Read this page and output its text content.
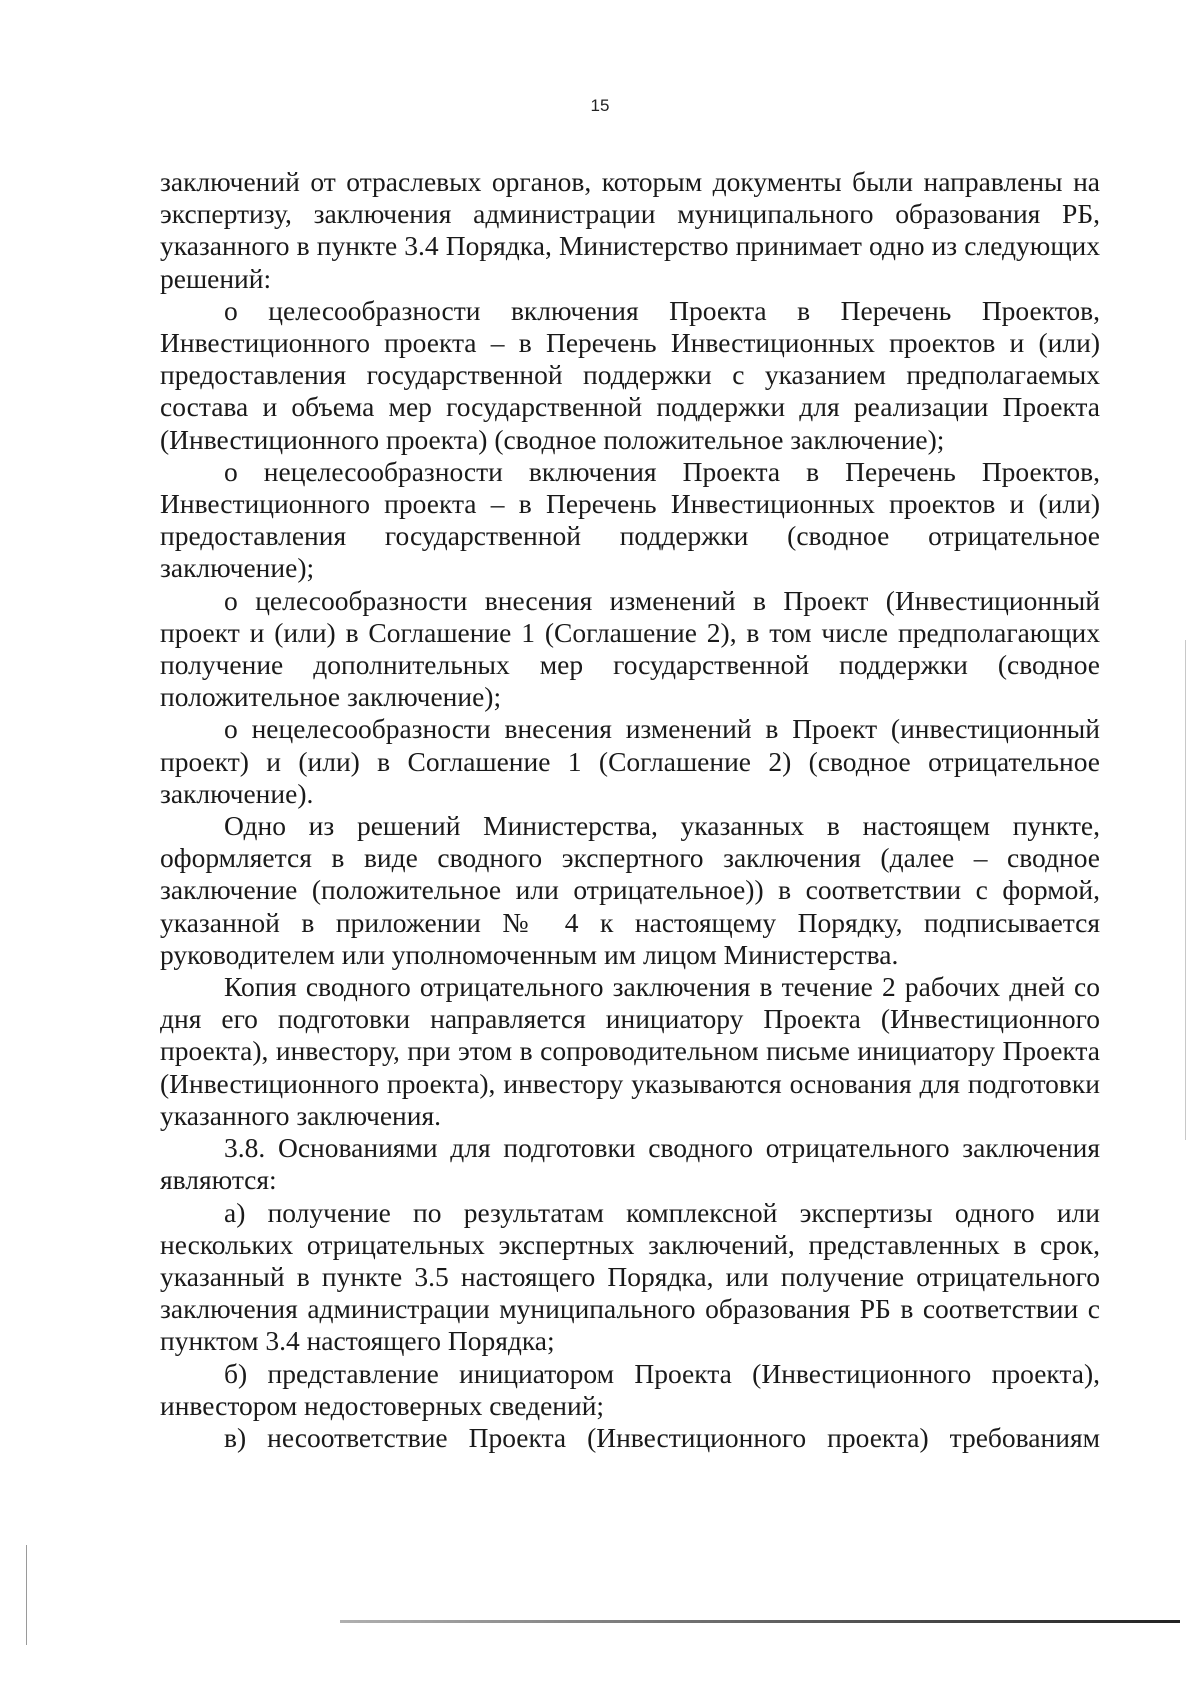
15

заключений от отраслевых органов, которым документы были направлены на экспертизу, заключения администрации муниципального образования РБ, указанного в пункте 3.4 Порядка, Министерство принимает одно из следующих решений:

о целесообразности включения Проекта в Перечень Проектов, Инвестиционного проекта – в Перечень Инвестиционных проектов и (или) предоставления государственной поддержки с указанием предполагаемых состава и объема мер государственной поддержки для реализации Проекта (Инвестиционного проекта) (сводное положительное заключение);

о нецелесообразности включения Проекта в Перечень Проектов, Инвестиционного проекта – в Перечень Инвестиционных проектов и (или) предоставления государственной поддержки (сводное отрицательное заключение);

о целесообразности внесения изменений в Проект (Инвестиционный проект и (или) в Соглашение 1 (Соглашение 2), в том числе предполагающих получение дополнительных мер государственной поддержки (сводное положительное заключение);

о нецелесообразности внесения изменений в Проект (инвестиционный проект) и (или) в Соглашение 1 (Соглашение 2) (сводное отрицательное заключение).

Одно из решений Министерства, указанных в настоящем пункте, оформляется в виде сводного экспертного заключения (далее – сводное заключение (положительное или отрицательное)) в соответствии с формой, указанной в приложении № 4 к настоящему Порядку, подписывается руководителем или уполномоченным им лицом Министерства.

Копия сводного отрицательного заключения в течение 2 рабочих дней со дня его подготовки направляется инициатору Проекта (Инвестиционного проекта), инвестору, при этом в сопроводительном письме инициатору Проекта (Инвестиционного проекта), инвестору указываются основания для подготовки указанного заключения.

3.8. Основаниями для подготовки сводного отрицательного заключения являются:

а) получение по результатам комплексной экспертизы одного или нескольких отрицательных экспертных заключений, представленных в срок, указанный в пункте 3.5 настоящего Порядка, или получение отрицательного заключения администрации муниципального образования РБ в соответствии с пунктом 3.4 настоящего Порядка;

б) представление инициатором Проекта (Инвестиционного проекта), инвестором недостоверных сведений;

в) несоответствие Проекта (Инвестиционного проекта) требованиям
